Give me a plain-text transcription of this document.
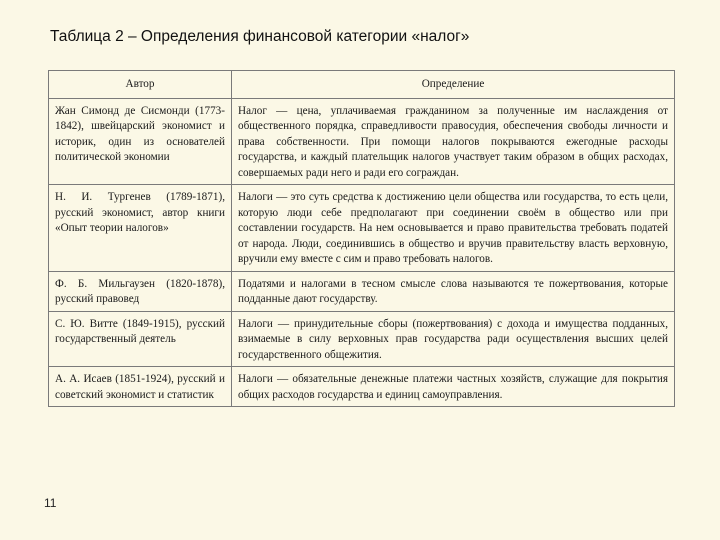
Таблица 2 – Определения финансовой категории «налог»
Автор	Определение
Жан Симонд де Сисмонди (1773-1842), швейцарский экономист и историк, один из основателей политической экономии	Налог — цена, уплачиваемая гражданином за полученные им наслаждения от общественного порядка, справедливости правосудия, обеспечения свободы личности и права собственности. При помощи налогов покрываются ежегодные расходы государства, и каждый плательщик налогов участвует таким образом в общих расходах, совершаемых ради него и ради его сограждан.
Н. И. Тургенев (1789-1871), русский экономист, автор книги «Опыт теории налогов»	Налоги — это суть средства к достижению цели общества или государства, то есть цели, которую люди себе предполагают при соединении своём в общество или при составлении государств. На нем основывается и право правительства требовать податей от народа. Люди, соединившись в общество и вручив правительству власть верховную, вручили ему вместе с сим и право требовать налогов.
Ф. Б. Мильгаузен (1820-1878), русский правовед	Податями и налогами в тесном смысле слова называются те пожертвования, которые подданные дают государству.
С. Ю. Витте (1849-1915), русский государственный деятель	Налоги — принудительные сборы (пожертвования) с дохода и имущества подданных, взимаемые в силу верховных прав государства ради осуществления высших целей государственного общежития.
А. А. Исаев (1851-1924), русский и советский экономист и статистик	Налоги — обязательные денежные платежи частных хозяйств, служащие для покрытия общих расходов государства и единиц самоуправления.
11
